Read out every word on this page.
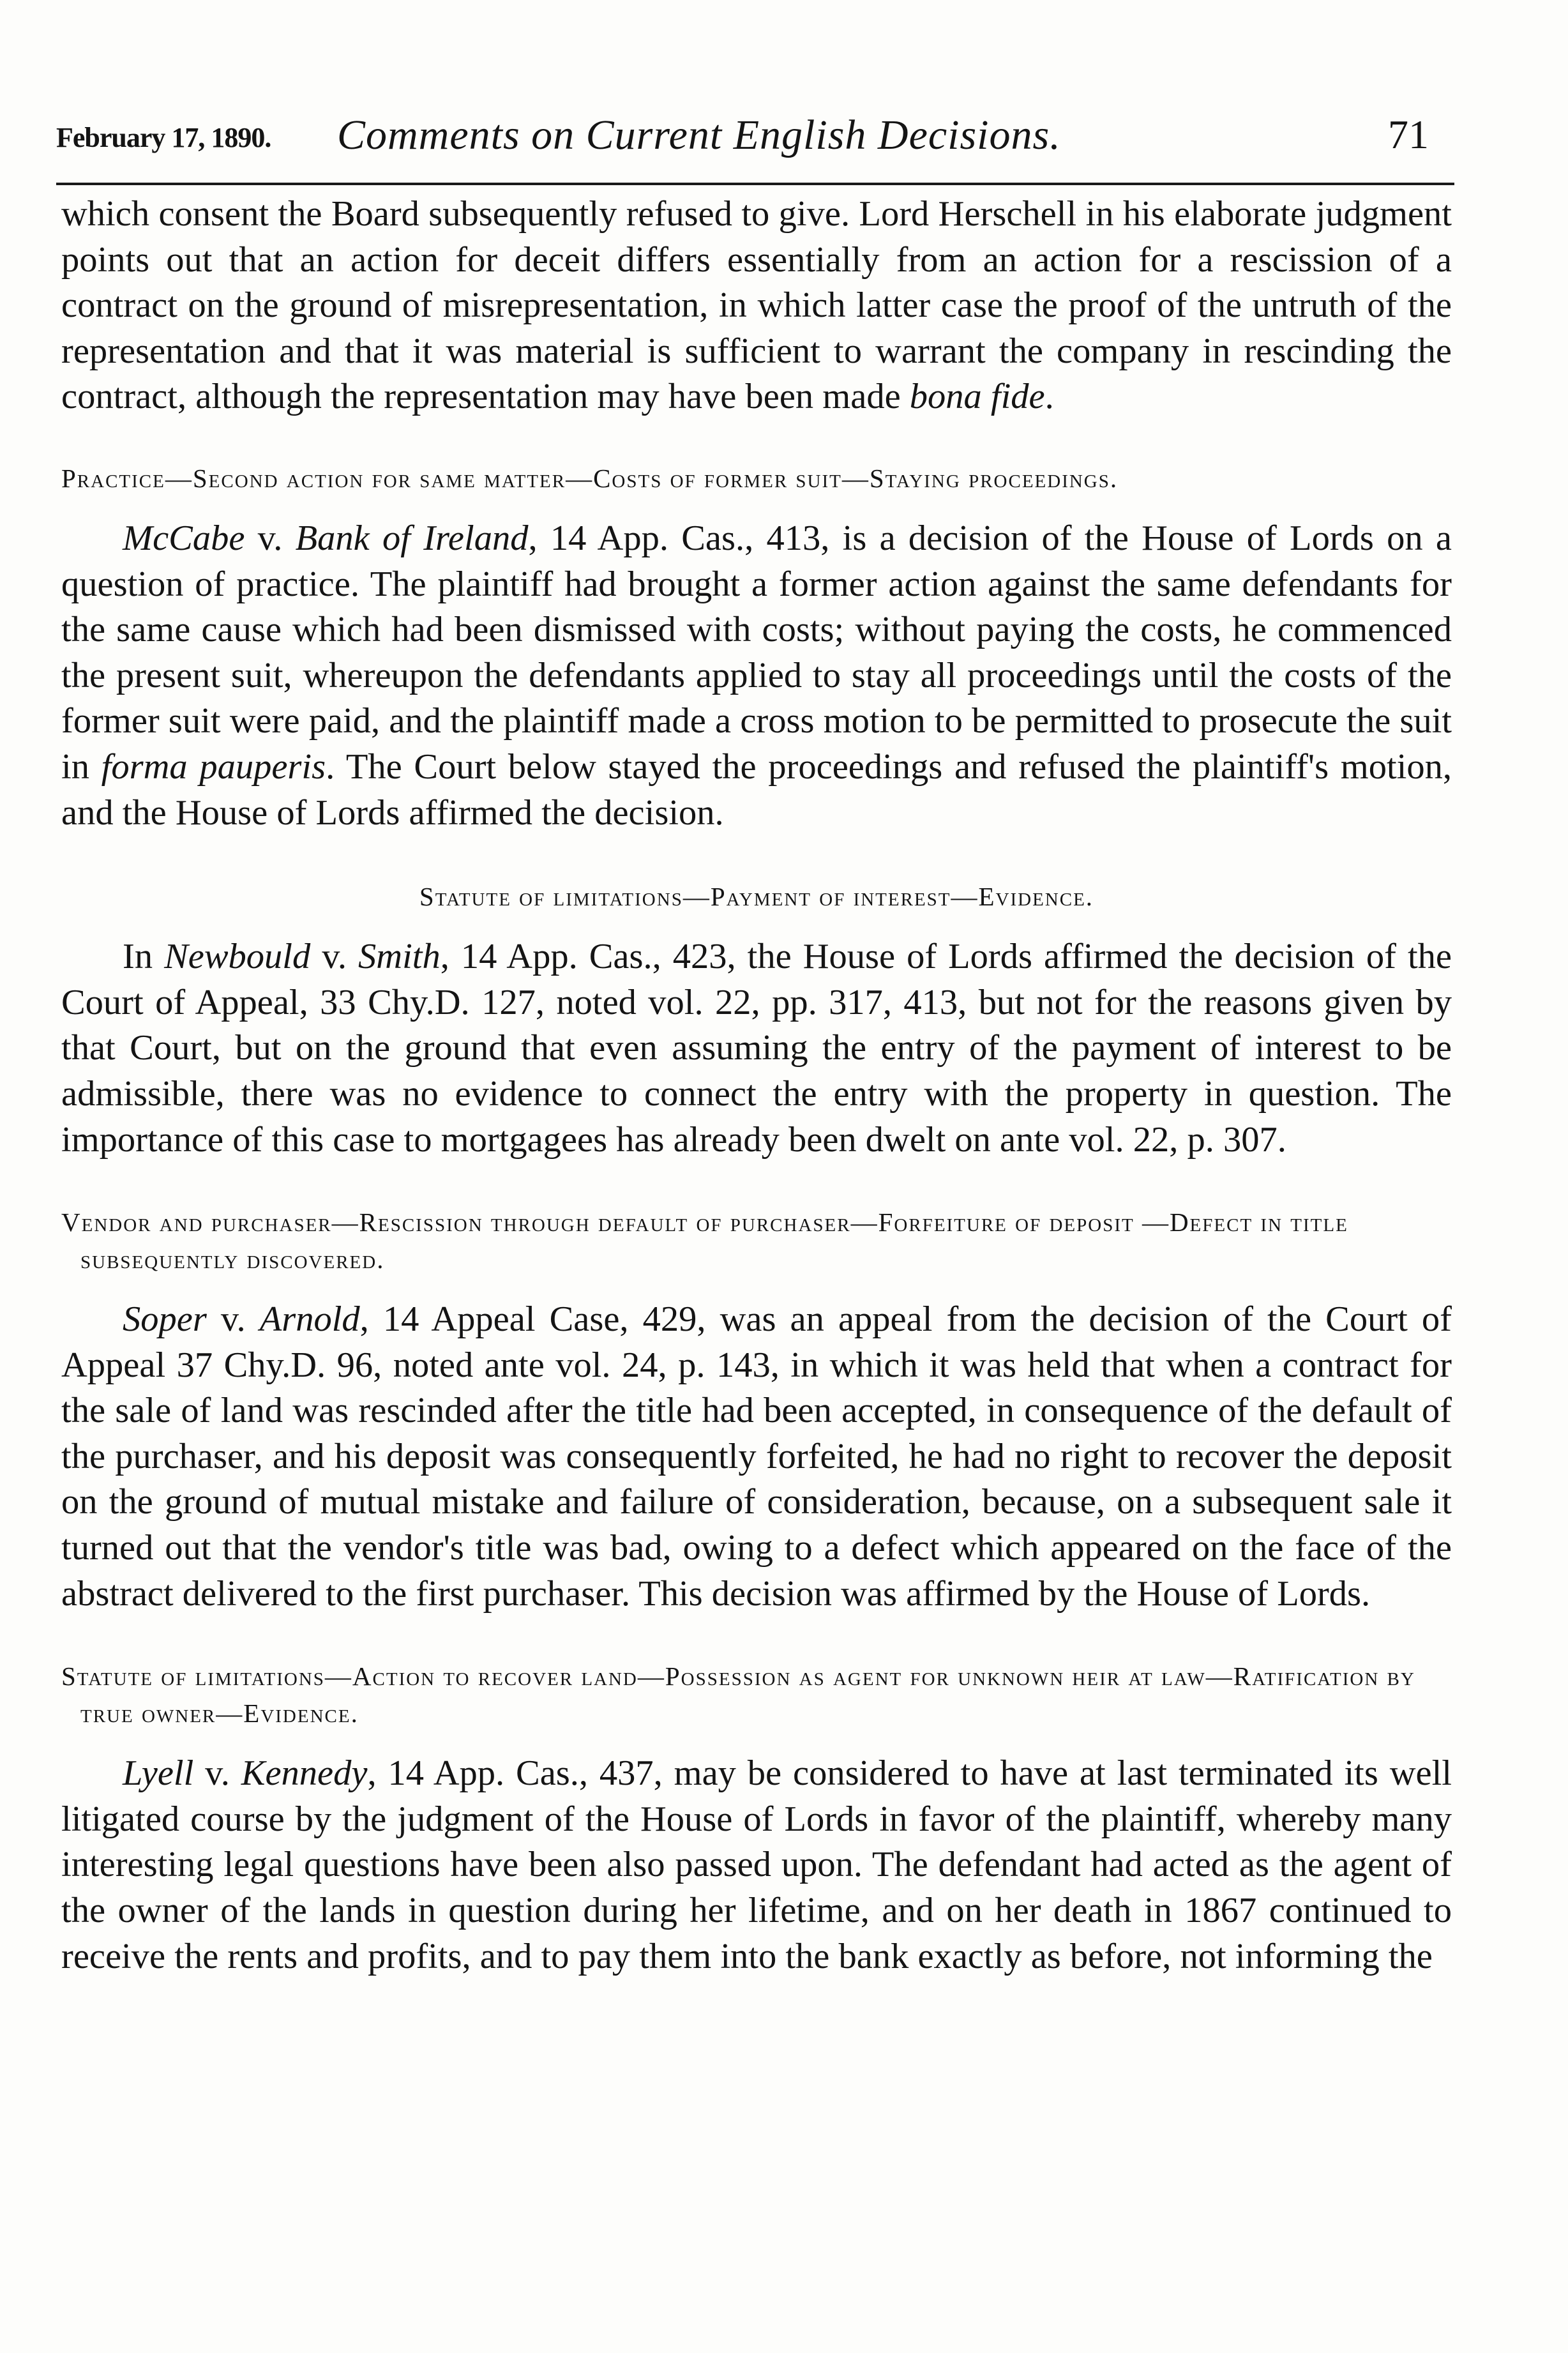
February 17, 1890. Comments on Current English Decisions.	71

which consent the Board subsequently refused to give. Lord Herschell in his elaborate judgment points out that an action for deceit differs essentially from an action for a rescission of a contract on the ground of misrepresentation, in which latter case the proof of the untruth of the representation and that it was material is sufficient to warrant the company in rescinding the contract, although the representation may have been made bona fide.

Practice—Second action for same matter—Costs of former suit—Staying proceedings.

McCabe v. Bank of Ireland, 14 App. Cas., 413, is a decision of the House of Lords on a question of practice. The plaintiff had brought a former action against the same defendants for the same cause which had been dismissed with costs; without paying the costs, he commenced the present suit, whereupon the defendants applied to stay all proceedings until the costs of the former suit were paid, and the plaintiff made a cross motion to be permitted to prosecute the suit in forma pauperis. The Court below stayed the proceedings and refused the plaintiff's motion, and the House of Lords affirmed the decision.

Statute of limitations—Payment of interest—Evidence.

In Newbould v. Smith, 14 App. Cas., 423, the House of Lords affirmed the decision of the Court of Appeal, 33 Chy.D. 127, noted vol. 22, pp. 317, 413, but not for the reasons given by that Court, but on the ground that even assuming the entry of the payment of interest to be admissible, there was no evidence to connect the entry with the property in question. The importance of this case to mortgagees has already been dwelt on ante vol. 22, p. 307.

Vendor and purchaser—Rescission through default of purchaser—Forfeiture of deposit —Defect in title subsequently discovered.

Soper v. Arnold, 14 Appeal Case, 429, was an appeal from the decision of the Court of Appeal 37 Chy.D. 96, noted ante vol. 24, p. 143, in which it was held that when a contract for the sale of land was rescinded after the title had been accepted, in consequence of the default of the purchaser, and his deposit was consequently forfeited, he had no right to recover the deposit on the ground of mutual mistake and failure of consideration, because, on a subsequent sale it turned out that the vendor's title was bad, owing to a defect which appeared on the face of the abstract delivered to the first purchaser. This decision was affirmed by the House of Lords.

Statute of limitations—Action to recover land—Possession as agent for unknown heir at law—Ratification by true owner—Evidence.

Lyell v. Kennedy, 14 App. Cas., 437, may be considered to have at last terminated its well litigated course by the judgment of the House of Lords in favor of the plaintiff, whereby many interesting legal questions have been also passed upon. The defendant had acted as the agent of the owner of the lands in question during her lifetime, and on her death in 1867 continued to receive the rents and profits, and to pay them into the bank exactly as before, not informing the
